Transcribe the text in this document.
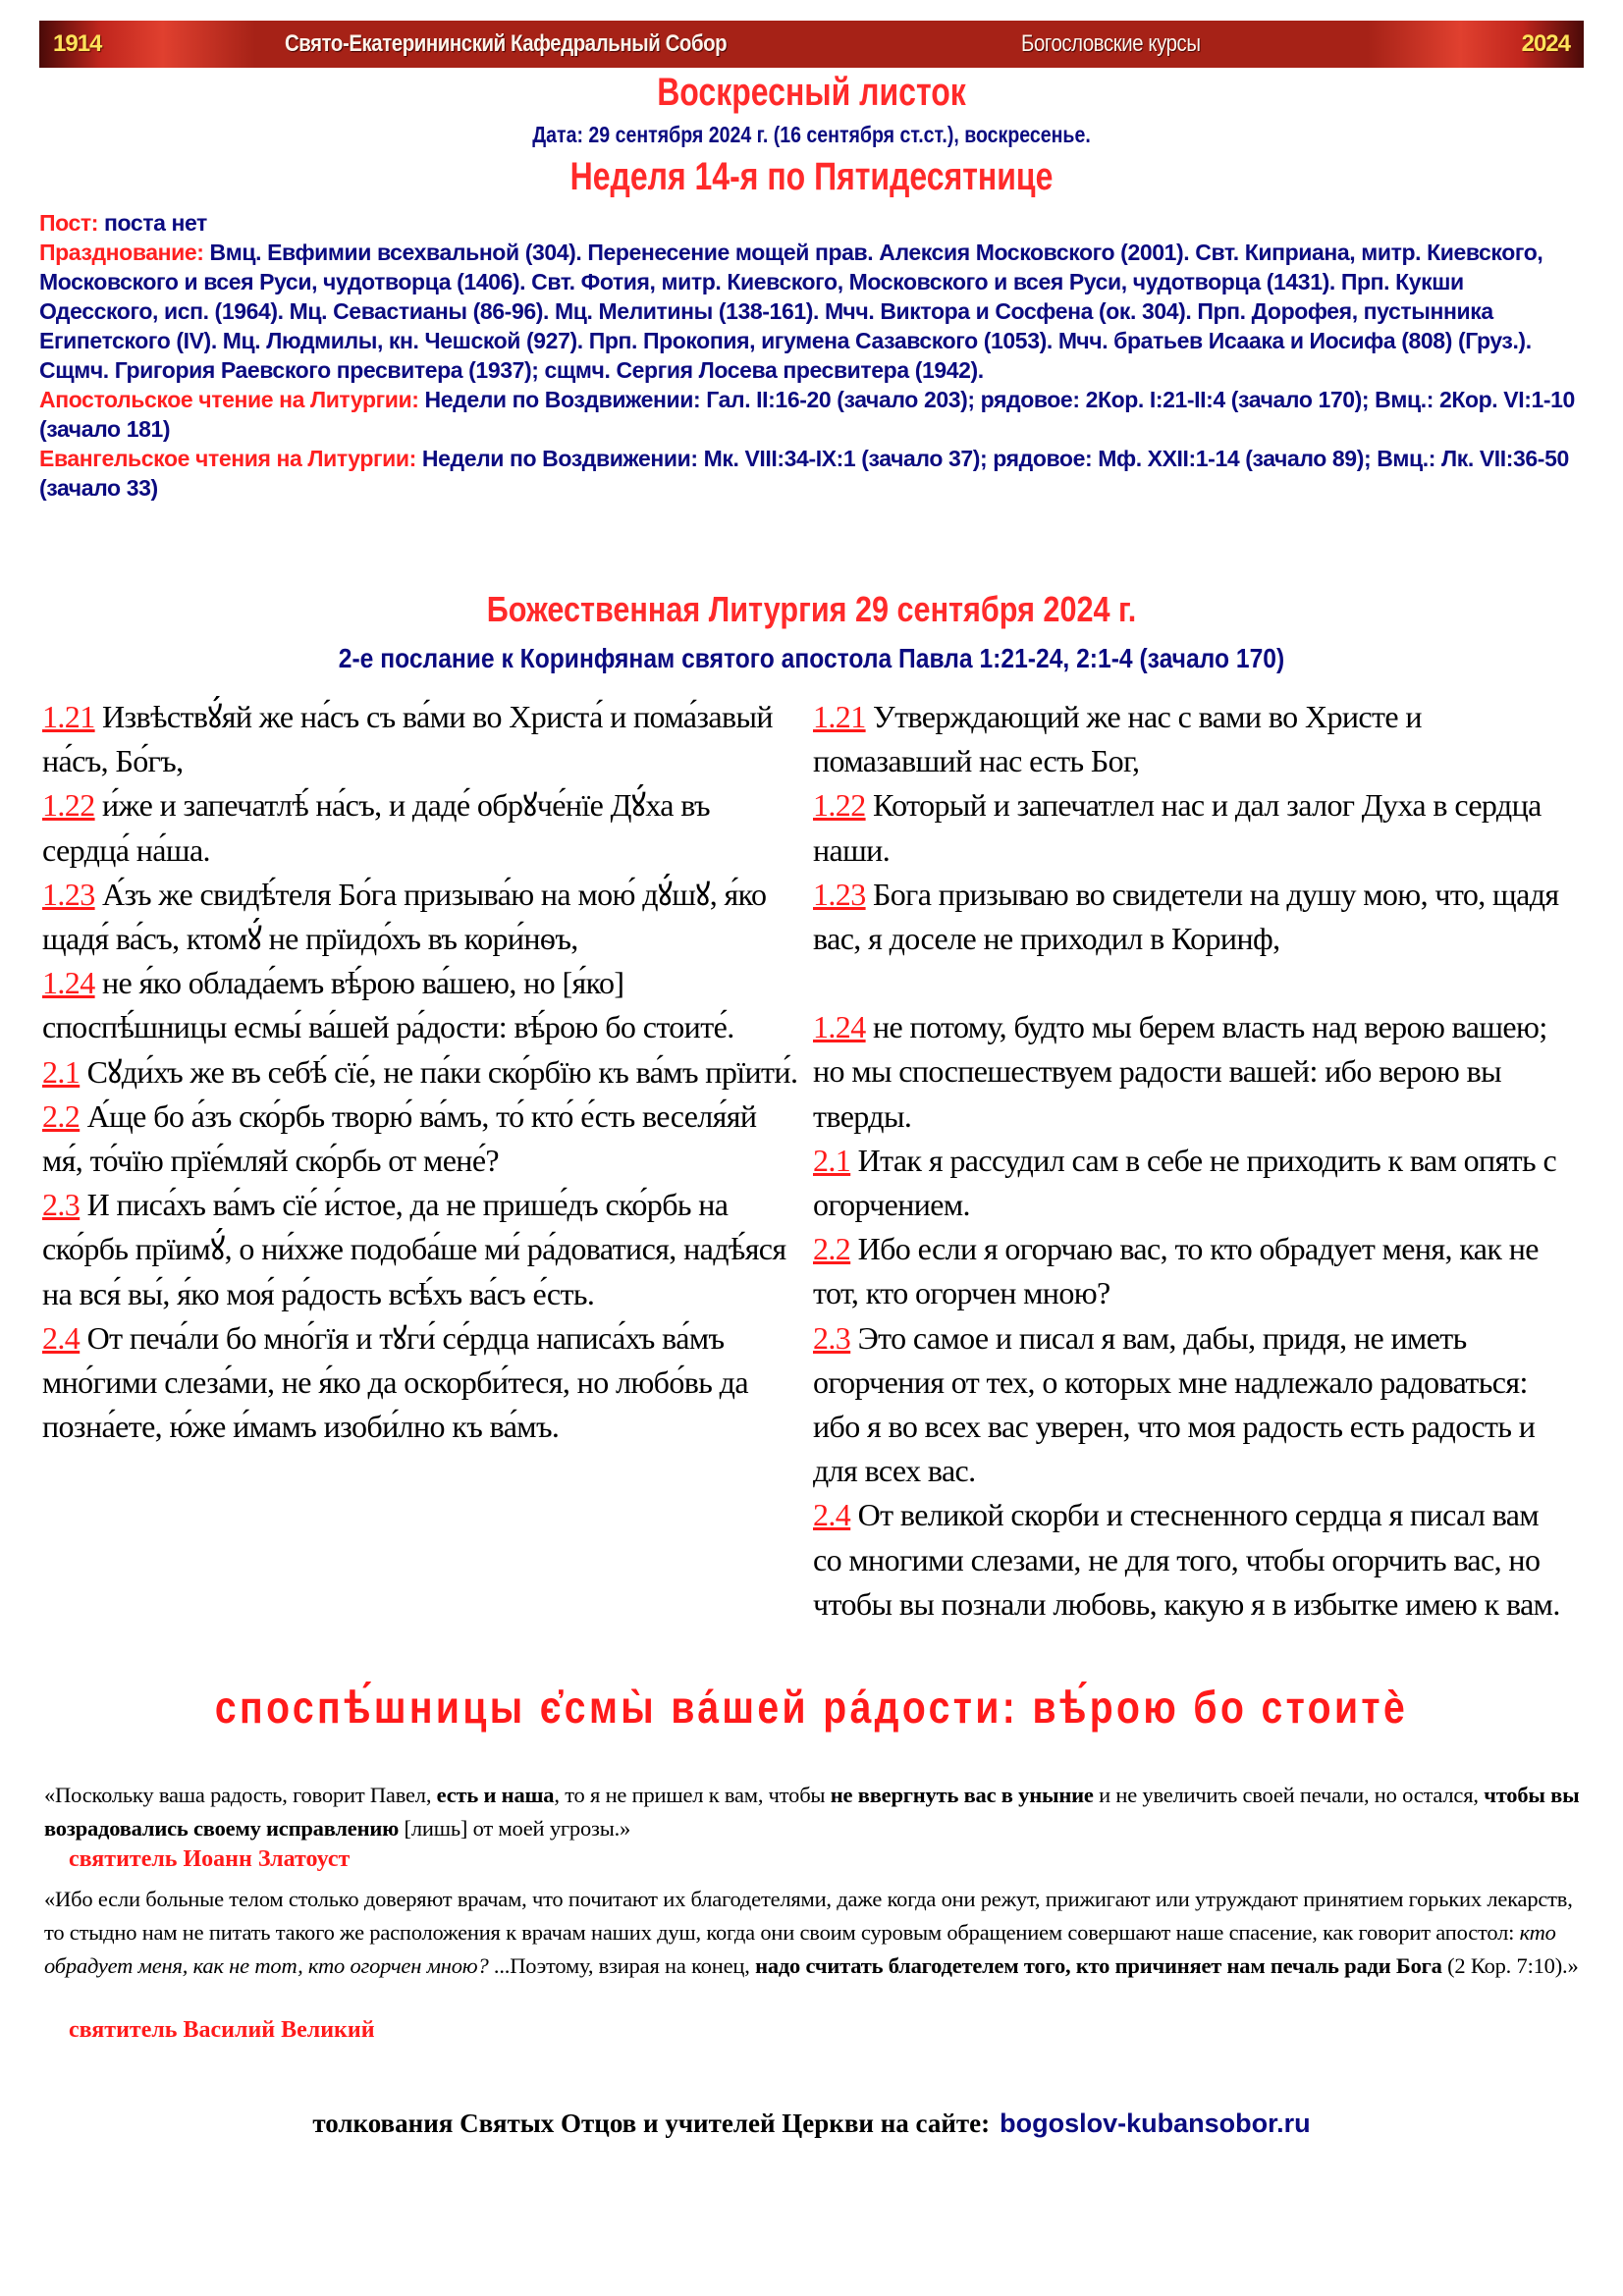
1914	Свято-Екатерининский Кафедральный Собор	Богословские курсы	2024
Воскресный листок
Дата: 29 сентября 2024 г. (16 сентября ст.ст.), воскресенье.
Неделя 14-я по Пятидесятнице

Пост: поста нет

Празднование: Вмц. Евфимии всехвальной (304). Перенесение мощей прав. Алексия Московского (2001). Свт. Киприана, митр. Киевского, Московского и всея Руси, чудотворца (1406). Свт. Фотия, митр. Киевского, Московского и всея Руси, чудотворца (1431). Прп. Кукши Одесского, исп. (1964). Мц. Севастианы (86-96). Мц. Мелитины (138-161). Мчч. Виктора и Сосфена (ок. 304). Прп. Дорофея, пустынника Египетского (IV). Мц. Людмилы, кн. Чешской (927). Прп. Прокопия, игумена Сазавского (1053). Мчч. братьев Исаака и Иосифа (808) (Груз.). Сщмч. Григория Раевского пресвитера (1937); сщмч. Сергия Лосева пресвитера (1942).

Апостольское чтение на Литургии: Недели по Воздвижении: Гал. II:16-20 (зачало 203); рядовое: 2Кор. I:21-II:4 (зачало 170); Вмц.: 2Кор. VI:1-10 (зачало 181)

Евангельское чтения на Литургии: Недели по Воздвижении: Мк. VIII:34-IX:1 (зачало 37); рядовое: Мф. XXII:1-14 (зачало 89); Вмц.: Лк. VII:36-50 (зачало 33)

Божественная Литургия 29 сентября 2024 г.
2-е послание к Коринфянам святого апостола Павла 1:21-24, 2:1-4 (зачало 170)

1.21 Извѣствꙋ́яй же на́съ съ ва́ми во Христа́ и пома́завый на́съ, Бо́гъ,

1.22 и́же и запечатлѣ́ на́съ, и даде́ обрꙋче́нїе Дꙋ́ха въ сердца́ на́ша.

1.23 А́зъ же свидѣ́теля Бо́га призыва́ю на мою́ дꙋ́шꙋ, я́ко щадя́ ва́съ, ктомꙋ́ не прїидо́хъ въ кори́нѳъ,

1.24 не я́ко облада́емъ вѣ́рою ва́шею, но [я́ко] споспѣ́шницы есмы́ ва́шей ра́дости: вѣ́рою бо стоите́.

2.1 Сꙋди́хъ же въ себѣ́ сїе́, не па́ки ско́рбїю къ ва́мъ прїити́.

2.2 А́ще бо а́зъ ско́рбь творю́ ва́мъ, то́ кто́ е́сть веселя́яй мя́, то́чїю прїе́мляй ско́рбь от мене́?

2.3 И писа́хъ ва́мъ сїе́ и́стое, да не прише́дъ ско́рбь на ско́рбь прїимꙋ́, о ни́хже подоба́ше ми́ ра́доватися, надѣ́яся на вся́ вы́, я́ко моя́ ра́дость всѣ́хъ ва́съ е́сть.

2.4 От печа́ли бо мно́гїя и тꙋги́ се́рдца написа́хъ ва́мъ мно́гими слеза́ми, не я́ко да оскорби́теся, но любо́вь да позна́ете, ю́же и́мамъ изоби́лно къ ва́мъ.

1.21 Утверждающий же нас с вами во Христе и помазавший нас есть Бог,

1.22 Который и запечатлел нас и дал залог Духа в сердца наши.

1.23 Бога призываю во свидетели на душу мою, что, щадя вас, я доселе не приходил в Коринф,

1.24 не потому, будто мы берем власть над верою вашею; но мы споспешествуем радости вашей: ибо верою вы тверды.

2.1 Итак я рассудил сам в себе не приходить к вам опять с огорчением.

2.2 Ибо если я огорчаю вас, то кто обрадует меня, как не тот, кто огорчен мною?

2.3 Это самое и писал я вам, дабы, придя, не иметь огорчения от тех, о которых мне надлежало радоваться: ибо я во всех вас уверен, что моя радость есть радость и для всех вас.

2.4 От великой скорби и стесненного сердца я писал вам со многими слезами, не для того, чтобы огорчить вас, но чтобы вы познали любовь, какую я в избытке имею к вам.

споспѣ́шницы є҆смы̀ ва́шей ра́дости: вѣ́рою бо стоитѐ
«Поскольку ваша радость, говорит Павел, есть и наша, то я не пришел к вам, чтобы не ввергнуть вас в уныние и не увеличить своей печали, но остался, чтобы вы возрадовались своему исправлению [лишь] от моей угрозы.»
святитель Иоанн Златоуст
«Ибо если больные телом столько доверяют врачам, что почитают их благодетелями, даже когда они режут, прижигают или утруждают принятием горьких лекарств, то стыдно нам не питать такого же расположения к врачам наших душ, когда они своим суровым обращением совершают наше спасение, как говорит апостол: кто обрадует меня, как не тот, кто огорчен мною? ...Поэтому, взирая на конец, надо считать благодетелем того, кто причиняет нам печаль ради Бога (2 Кор. 7:10).»
святитель Василий Великий
толкования Святых Отцов и учителей Церкви на сайте: bogoslov-kubansobor.ru
